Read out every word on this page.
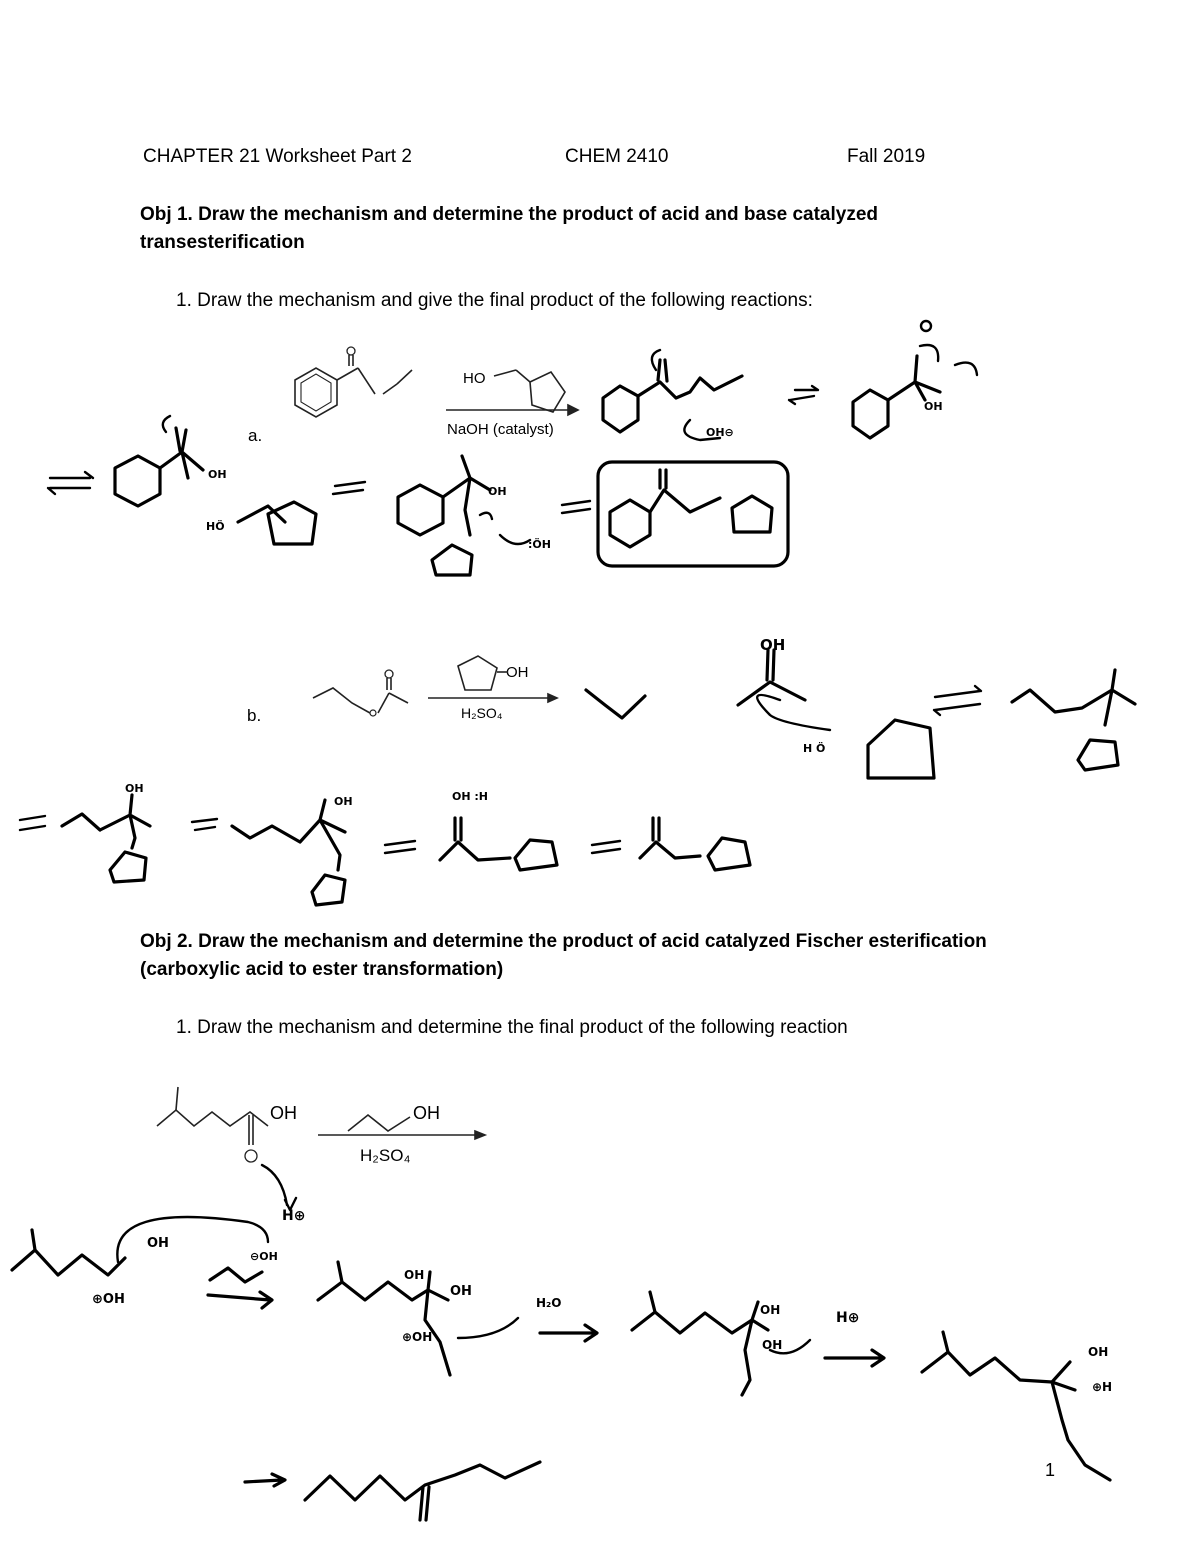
CHAPTER 21 Worksheet Part 2	CHEM 2410	Fall 2019
Obj 1. Draw the mechanism and determine the product of acid and base catalyzed
transesterification
1. Draw the mechanism and give the final product of the following reactions:
a.
HO
NaOH (catalyst)
b.
OH
H₂SO₄
Obj 2. Draw the mechanism and determine the product of acid catalyzed Fischer esterification
(carboxylic acid to ester transformation)
1. Draw the mechanism and determine the final product of the following reaction
OH	OH
H₂SO₄
1
OH
HÖ
OH
:ÖH
OH⊖
OH
OH
H Ö
OH
OH	OH :H
OH
⊕OH
H⊕
⊖OH
OH
OH
⊕OH
H₂O	OH
OH
H⊕
OH
⊕H
